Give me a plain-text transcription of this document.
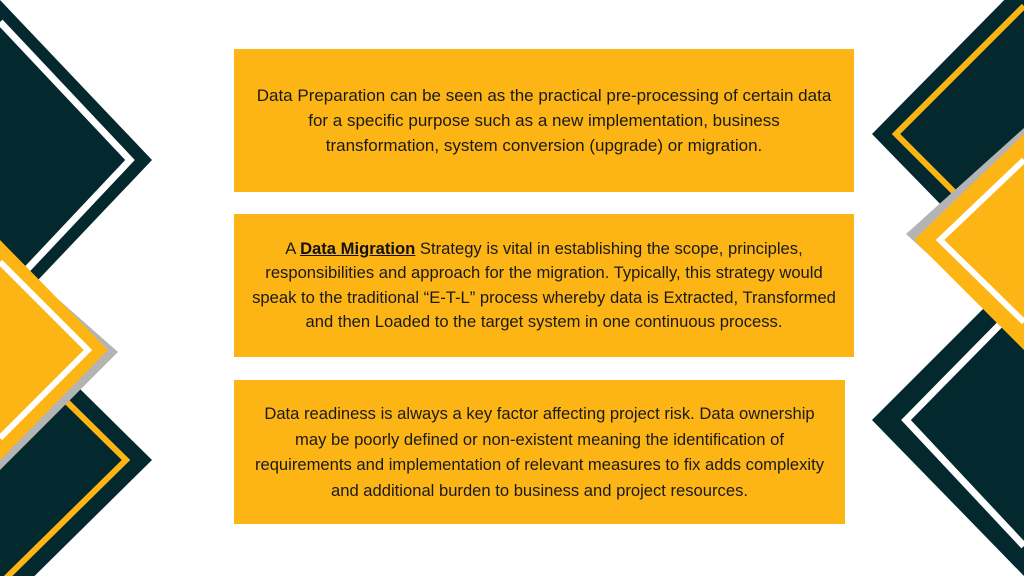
Data Preparation can be seen as the practical pre-processing of certain data for a specific purpose such as a new implementation, business transformation, system conversion (upgrade) or migration.

A Data Migration Strategy is vital in establishing the scope, principles, responsibilities and approach for the migration. Typically, this strategy would speak to the traditional “E-T-L” process whereby data is Extracted, Transformed and then Loaded to the target system in one continuous process.

Data readiness is always a key factor affecting project risk. Data ownership may be poorly defined or non-existent meaning the identification of requirements and implementation of relevant measures to fix adds complexity and additional burden to business and project resources.
